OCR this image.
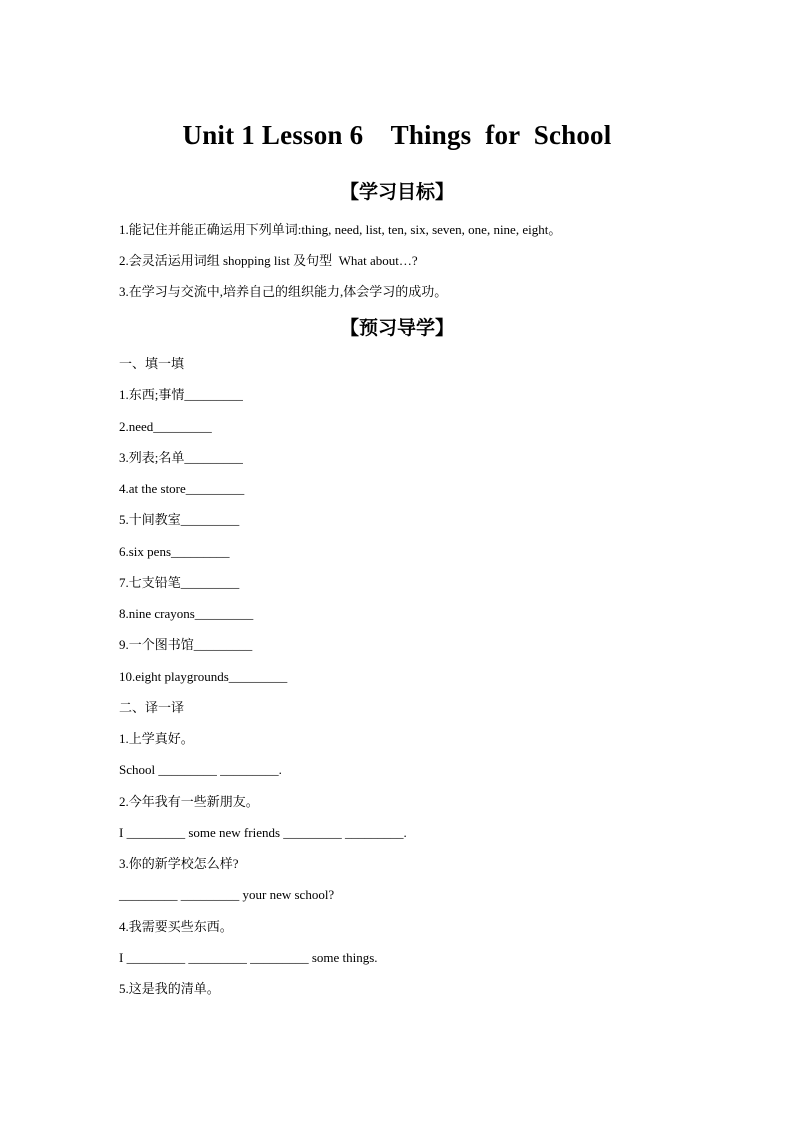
Unit 1 Lesson 6    Things  for  School
【学习目标】
1.能记住并能正确运用下列单词:thing, need, list, ten, six, seven, one, nine, eight。
2.会灵活运用词组 shopping list 及句型  What about…?
3.在学习与交流中,培养自己的组织能力,体会学习的成功。
【预习导学】
一、填一填
1.东西;事情_________
2.need_________
3.列表;名单_________
4.at the store_________
5.十间教室_________
6.six pens_________
7.七支铅笔_________
8.nine crayons_________
9.一个图书馆_________
10.eight playgrounds_________
二、译一译
1.上学真好。
School _________ _________.
2.今年我有一些新朋友。
I _________ some new friends _________ _________.
3.你的新学校怎么样?
_________ _________ your new school?
4.我需要买些东西。
I _________ _________ _________ some things.
5.这是我的清单。
